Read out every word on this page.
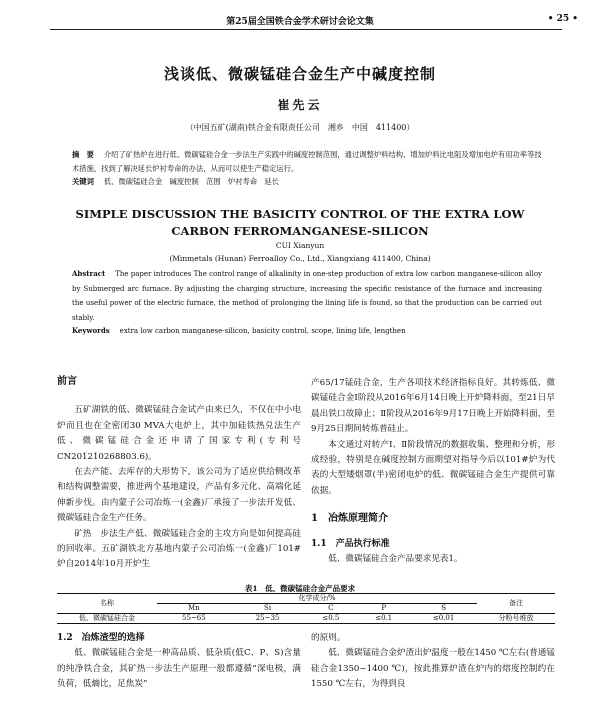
第25届全国铁合金学术研讨会论文集	• 25 •
浅谈低、微碳锰硅合金生产中碱度控制
崔先云
（中国五矿(湖南)铁合金有限责任公司　湘乡　中国　411400）
摘　要 介绍了矿热炉在进行低、微碳锰硅合金一步法生产实践中的碱度控制范围，通过调整炉料结构、增加炉料比电阻及增加电炉有用功率等技术措施，找到了解决延长炉衬寿命的办法，从而可以使生产稳定运行。
关键词 低、微碳锰硅合金　碱度控制　范围　炉衬寿命　延长
SIMPLE DISCUSSION THE BASICITY CONTROL OF THE EXTRA LOW
CARBON FERROMANGANESE-SILICON
CUI Xianyun
(Minmetals (Hunan) Ferroalloy Co., Ltd., Xiangxiang 411400, China)
Abstract The paper introduces The control range of alkalinity in one-step production of extra low carbon manganese-silicon alloy by Submerged arc furnace. By adjusting the charging structure, increasing the specific resistance of the furnace and increasing the useful power of the electric furnace, the method of prolonging the lining life is found, so that the production can be carried out stably.
Keywords extra low carbon manganese-silicon, basicity control, scope, lining life, lengthen

前言

五矿湖铁的低、微碳锰硅合金试产由来已久，不仅在中小电炉而且也在全密闭30 MVA大电炉上，其中加硅铁热兑法生产低、微碳锰硅合金还申请了国家专利(专利号CN201210268803.6)。

在去产能、去库存的大形势下，该公司为了适应供给侧改革和结构调整需要，推进两个基地建设，产品有多元化、高端化延伸新步伐。由内蒙子公司冶炼一(金鑫)厂承接了一步法开发低、微碳锰硅合金生产任务。

矿热　步法生产低、微碳锰硅合金的主攻方向是如何提高硅的回收率。五矿湖铁北方基地内蒙子公司冶炼一(金鑫)厂101#炉自2014年10月开炉生

产65/17锰硅合金，生产各项技术经济指标良好。其转炼低、微碳锰硅合金Ⅰ阶段从2016年6月14日晚上开炉降料面，至21日早晨出铁口故障止；Ⅱ阶段从2016年9月17日晚上开始降料面，至9月25日期间转炼普硅止。

本文通过对转产Ⅰ、Ⅱ阶段情况的数据收集、整理和分析，形成经验，特别是在碱度控制方面期望对指导今后以101#炉为代表的大型矮烟罩(半)密闭电炉的低、微碳锰硅合金生产提供可靠依据。

1　冶炼原理简介

1.1　产品执行标准

低、微碳锰硅合金产品要求见表1。

表1　低、微碳锰硅合金产品要求
名称	化学成分/%					备注
	Mn	Si	C	P	S	
低、微碳锰硅合金	55~65	25~35	≤0.5	≤0.1	≤0.01	分粉号堆放

1.2　冶炼渣型的选择

低、微碳锰硅合金是一种高品质、低杂质(低C、P、S)含量的纯净铁合金，其矿热一步法生产原理一般都遵循“深电极，满负荷，低熵比，足焦炭”

的原则。

低、微碳锰硅合金炉渣出炉温度一般在1450 ℃左右(普通锰硅合金1350~1400 ℃)，按此推算炉渣在炉内的熔度控制约在1550 ℃左右，为得到良
